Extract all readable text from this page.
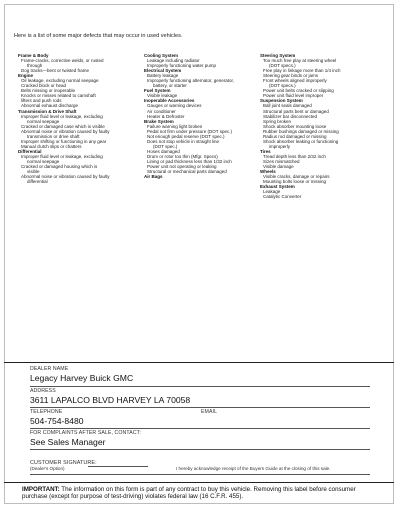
Here is a list of some major defects that may occur in used vehicles.
Frame & Body
Frame-cracks, corrective welds, or rusted
through
Dog tracks—bent or twisted frame
Engine
Oil leakage, excluding normal seepage
Cracked block or head
Belts missing or inoperable
Knocks or misses related to camshaft
lifters and push rods
Abnormal exhaust discharge
Transmission & Drive Shaft
Improper fluid level or leakage, excluding
normal seepage
Cracked or damaged case which is visible
Abnormal noise or vibration caused by faulty
transmission or drive shaft
Improper shifting or functioning in any gear
Manual clutch slips or chatters
Differential
Improper fluid level or leakage, excluding
normal seepage
Cracked or damaged housing which is
visible
Abnormal noise or vibration caused by faulty
differential
Cooling System
Leakage including radiator
Improperly functioning water pump
Electrical System
Battery leakage
Improperly functioning alternator, generator,
battery, or starter
Fuel System
Visible leakage
Inoperable Accessories
Gauges or warning devices
Air conditioner
Heater & Defroster
Brake System
Failure warning light broken
Pedal not firm under pressure (DOT spec.)
Not enough pedal reserve (DOT spec.)
Does not stop vehicle in straight line
(DOT spec.)
Hoses damaged
Drum or rotor too thin (Mfgr. Specs)
Lining or pad thickness less than 1/32 inch
Power unit not operating or leaking
Structural or mechanical parts damaged
Air Bags
Steering System
Too much free play at steering wheel
(DOT specs.)
Free play in linkage more than 1/4 inch
Steering gear binds or jams
Front wheels aligned improperly
(DOT specs.)
Power unit belts cracked or slipping
Power unit fluid level improper
Suspension System
Ball joint seals damaged
Structural parts bent or damaged
Stabilizer bar disconnected
Spring broken
Shock absorber mounting loose
Rubber bushings damaged or missing
Radius rod damaged or missing
Shock absorber leaking or functioning
improperly
Tires
Tread depth less than 2/32 inch
Sizes mismatched
Visible damage
Wheels
Visible cracks, damage or repairs
Mounting bolts loose or missing
Exhaust System
Leakage
Catalytic Converter
DEALER NAME
Legacy Harvey Buick GMC
ADDRESS
3611 LAPALCO BLVD HARVEY LA 70058
TELEPHONE	EMAIL
504-754-8480
FOR COMPLAINTS AFTER SALE, CONTACT:
See Sales Manager
CUSTOMER SIGNATURE:
(Dealer's Option)	I hereby acknowledge receipt of the Buyers Guide at the closing of this sale.
IMPORTANT: The information on this form is part of any contract to buy this vehicle. Removing this label before consumer purchase (except for purpose of test-driving) violates federal law (16 C.F.R. 455).
